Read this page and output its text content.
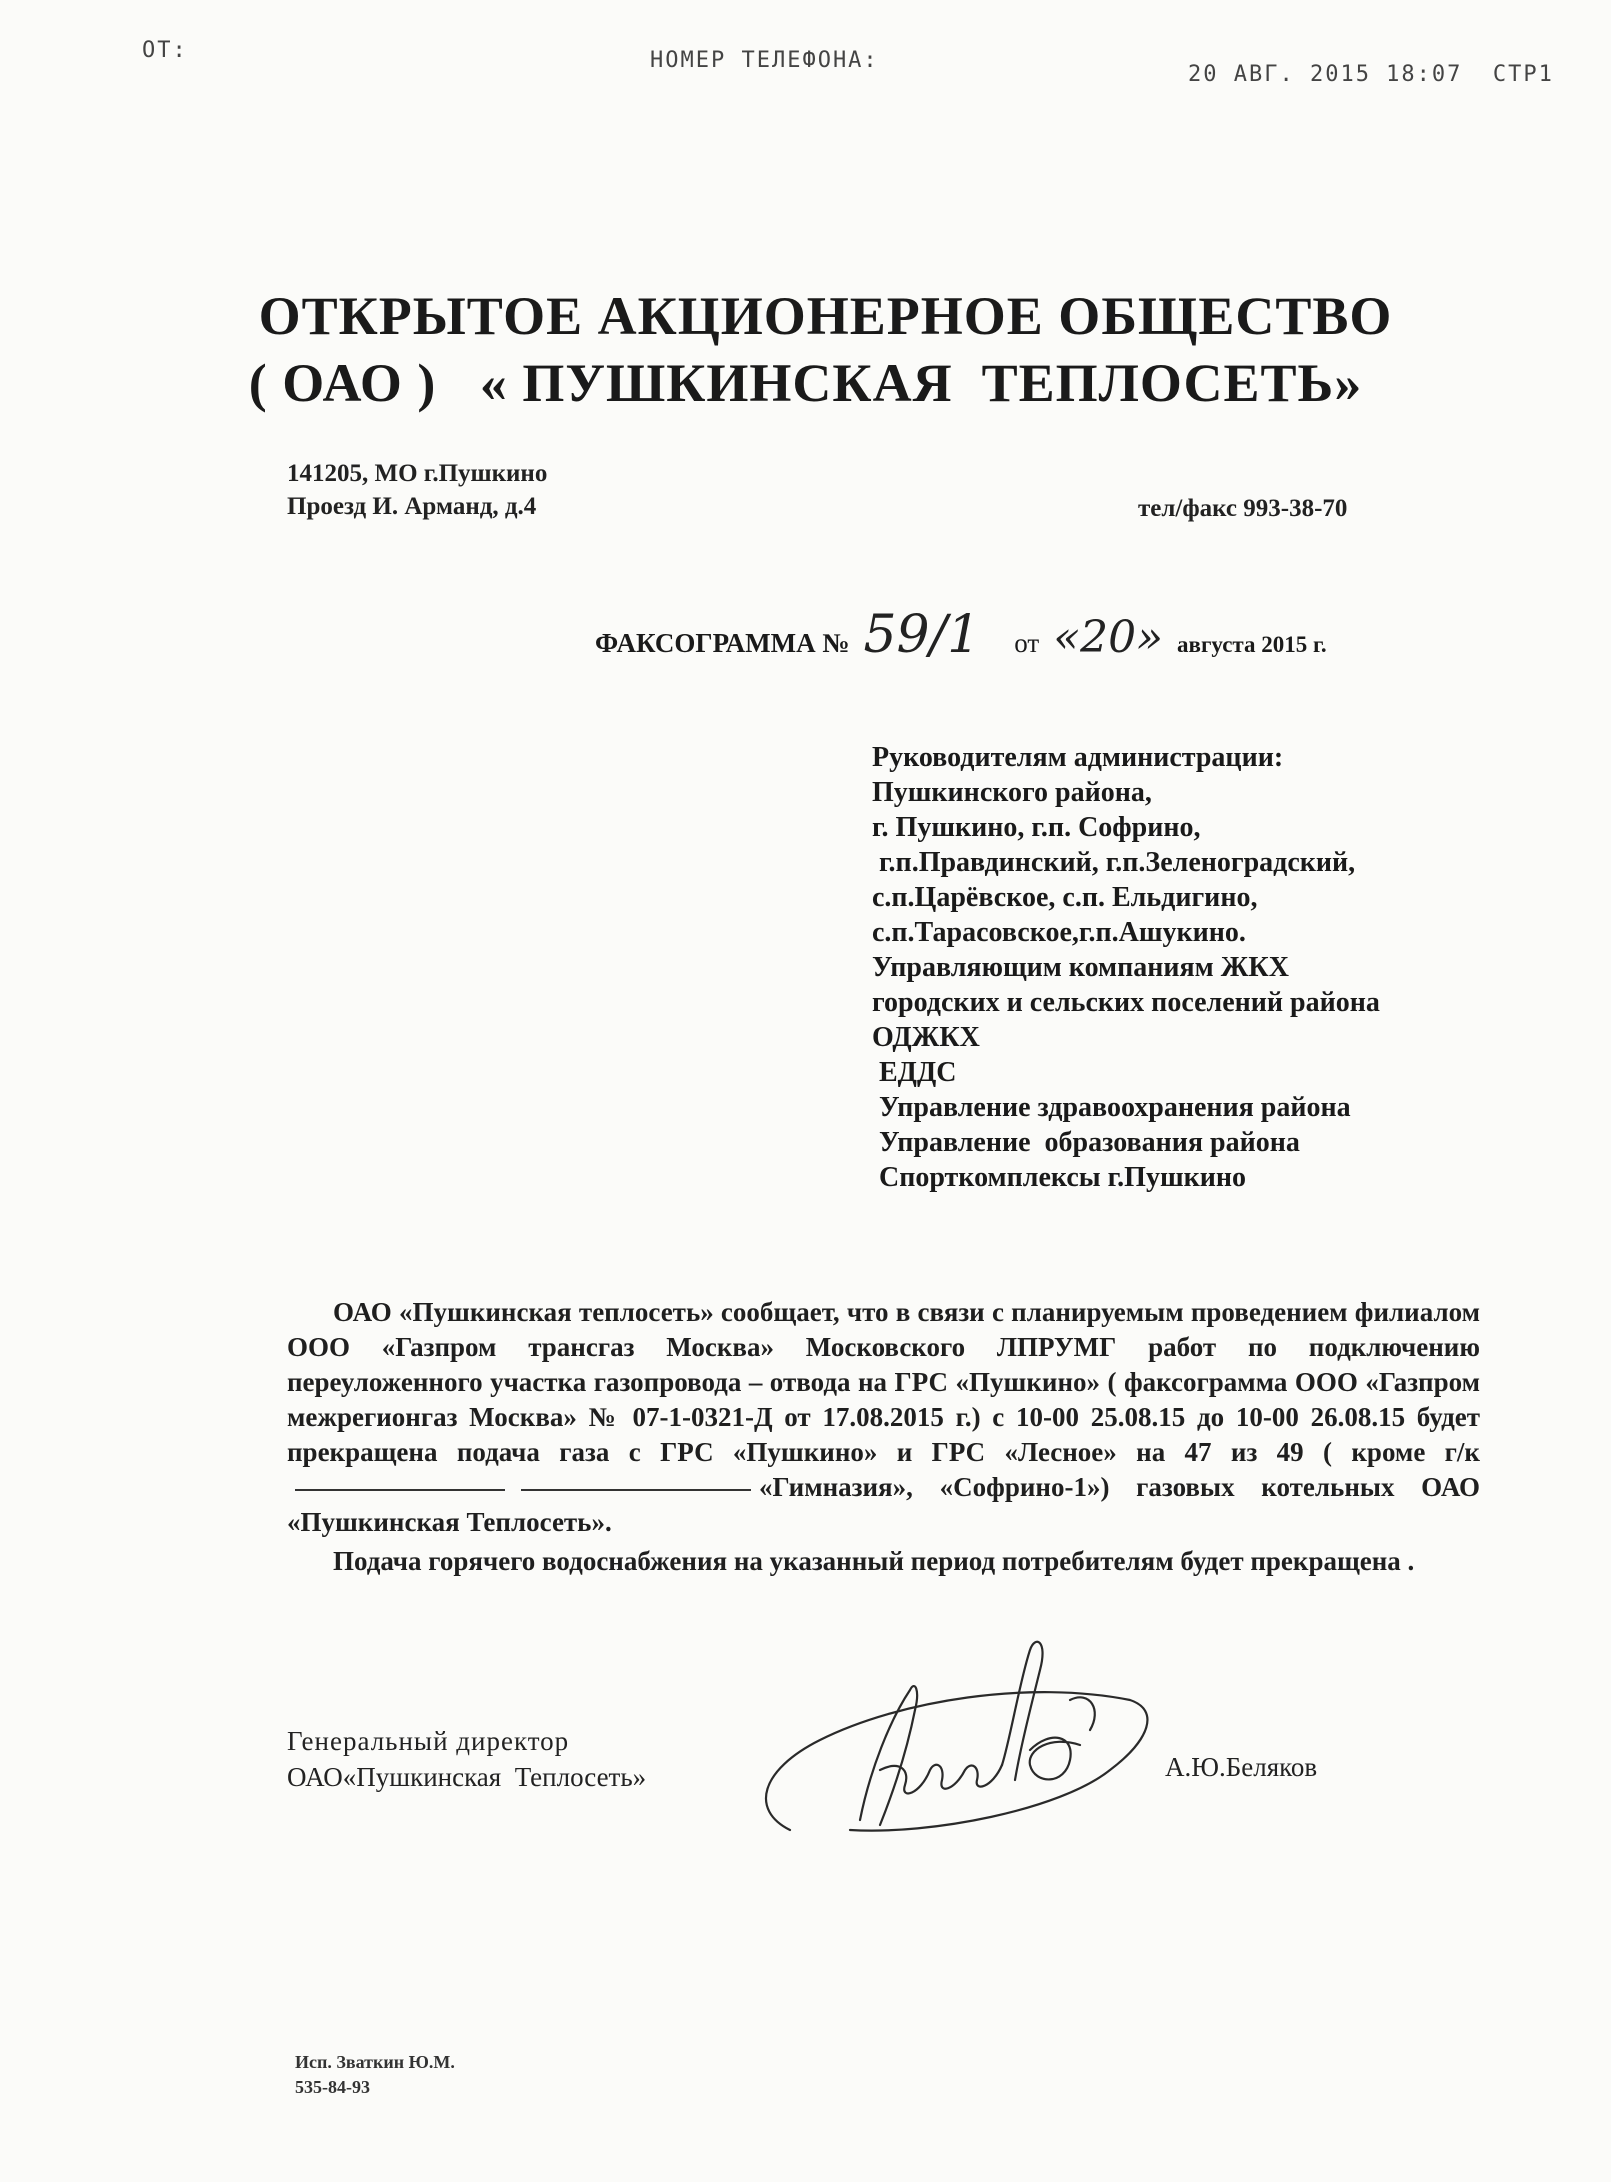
ОТ:	НОМЕР ТЕЛЕФОНА:
20 АВГ. 2015 18:07  СТР1
ОТКРЫТОЕ АКЦИОНЕРНОЕ ОБЩЕСТВО
( ОАО )   « ПУШКИНСКАЯ  ТЕПЛОСЕТЬ»
141205, МО г.Пушкино
Проезд И. Арманд, д.4	тел/факс 993-38-70
ФАКСОГРАММА № 59/1 от «20» августа 2015 г.
Руководителям администрации:
Пушкинского района,
г. Пушкино, г.п. Софрино,
г.п.Правдинский, г.п.Зеленоградский,
с.п.Царёвское, с.п. Ельдигино,
с.п.Тарасовское,г.п.Ашукино.
Управляющим компаниям ЖКХ
городских и сельских поселений района
ОДЖКХ
ЕДДС
Управление здравоохранения района
Управление  образования района
Спорткомплексы г.Пушкино

ОАО «Пушкинская теплосеть» сообщает, что в связи с планируемым проведением филиалом ООО «Газпром трансгаз Москва» Московского ЛПРУМГ работ по подключению переуложенного участка газопровода – отвода на ГРС «Пушкино» ( факсограмма ООО «Газпром межрегионгаз Москва» № 07-1-0321-Д от 17.08.2015 г.) с 10-00 25.08.15 до 10-00 26.08.15 будет прекращена подача газа с ГРС «Пушкино» и ГРС «Лесное» на 47 из 49 ( кроме г/к«Гимназия», «Софрино-1») газовых котельных ОАО «Пушкинская Теплосеть».

Подача горячего водоснабжения на указанный период потребителям будет прекращена .

Генеральный директор
ОАО«Пушкинская  Теплосеть»	А.Ю.Беляков
Исп. Зваткин Ю.М.
535-84-93
